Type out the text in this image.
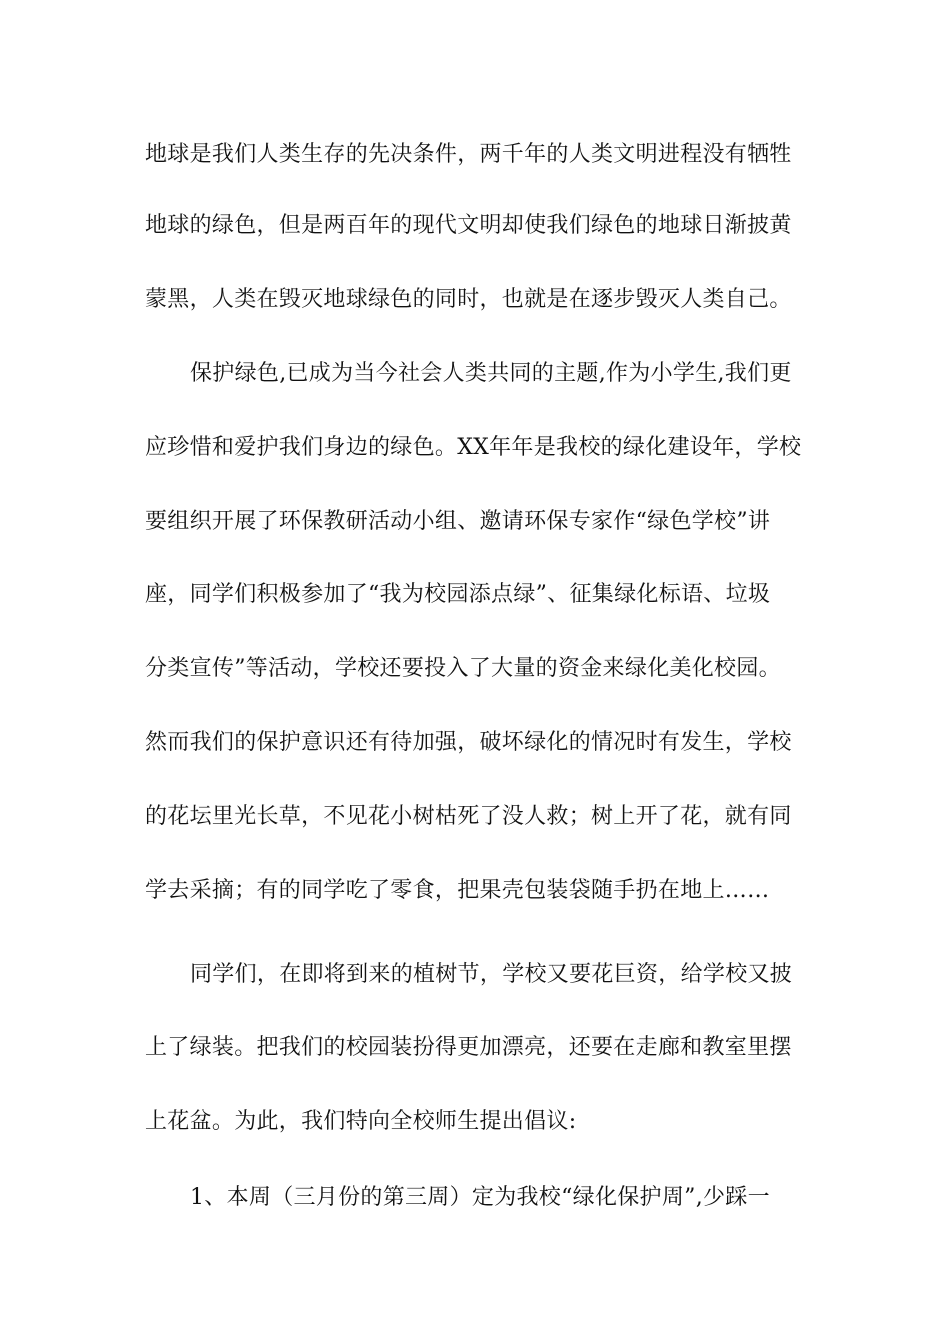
地球是我们人类生存的先决条件，两千年的人类文明进程没有牺牲

地球的绿色，但是两百年的现代文明却使我们绿色的地球日渐披黄

蒙黑，人类在毁灭地球绿色的同时，也就是在逐步毁灭人类自己。

保护绿色,已成为当今社会人类共同的主题,作为小学生,我们更

应珍惜和爱护我们身边的绿色。XX年年是我校的绿化建设年，学校

要组织开展了环保教研活动小组、邀请环保专家作“绿色学校”讲

座，同学们积极参加了“我为校园添点绿”、征集绿化标语、垃圾

分类宣传”等活动，学校还要投入了大量的资金来绿化美化校园。

然而我们的保护意识还有待加强，破坏绿化的情况时有发生，学校

的花坛里光长草，不见花小树枯死了没人救；树上开了花，就有同

学去采摘；有的同学吃了零食，把果壳包装袋随手扔在地上……

同学们，在即将到来的植树节，学校又要花巨资，给学校又披

上了绿装。把我们的校园装扮得更加漂亮，还要在走廊和教室里摆

上花盆。为此，我们特向全校师生提出倡议:

1、本周（三月份的第三周）定为我校“绿化保护周”,少踩一
